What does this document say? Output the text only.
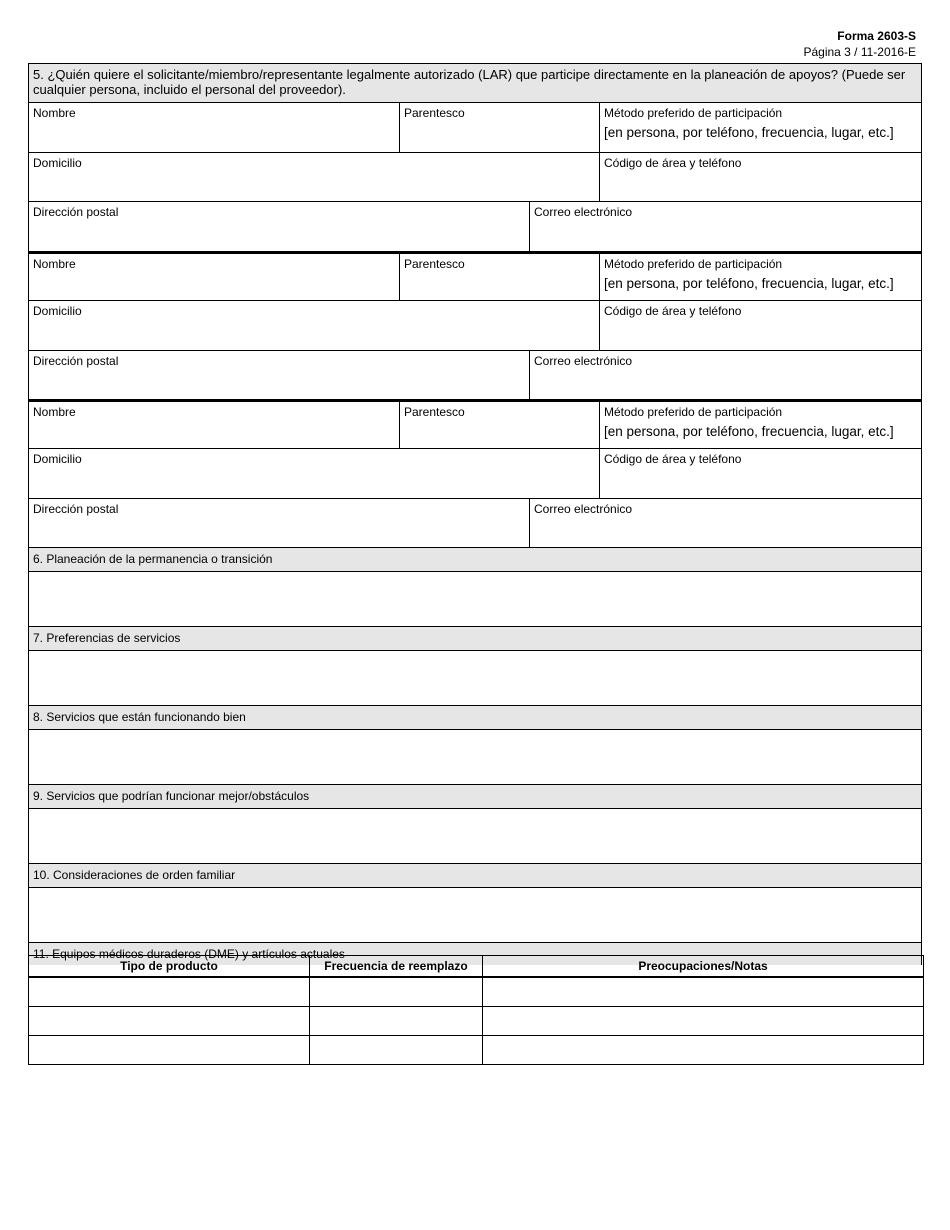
Forma 2603-S
Página 3 / 11-2016-E
5. ¿Quién quiere el solicitante/miembro/representante legalmente autorizado (LAR) que participe directamente en la planeación de apoyos? (Puede ser cualquier persona, incluido el personal del proveedor).
Nombre	Parentesco	Método preferido de participación
[en persona, por teléfono, frecuencia, lugar, etc.]
Domicilio	Código de área y teléfono
Dirección postal	Correo electrónico
Nombre	Parentesco	Método preferido de participación
[en persona, por teléfono, frecuencia, lugar, etc.]
Domicilio	Código de área y teléfono
Dirección postal	Correo electrónico
Nombre	Parentesco	Método preferido de participación
[en persona, por teléfono, frecuencia, lugar, etc.]
Domicilio	Código de área y teléfono
Dirección postal	Correo electrónico
6. Planeación de la permanencia o transición
7. Preferencias de servicios
8. Servicios que están funcionando bien
9. Servicios que podrían funcionar mejor/obstáculos
10. Consideraciones de orden familiar
11. Equipos médicos duraderos (DME) y artículos actuales
Tipo de producto	Frecuencia de reemplazo	Preocupaciones/Notas
